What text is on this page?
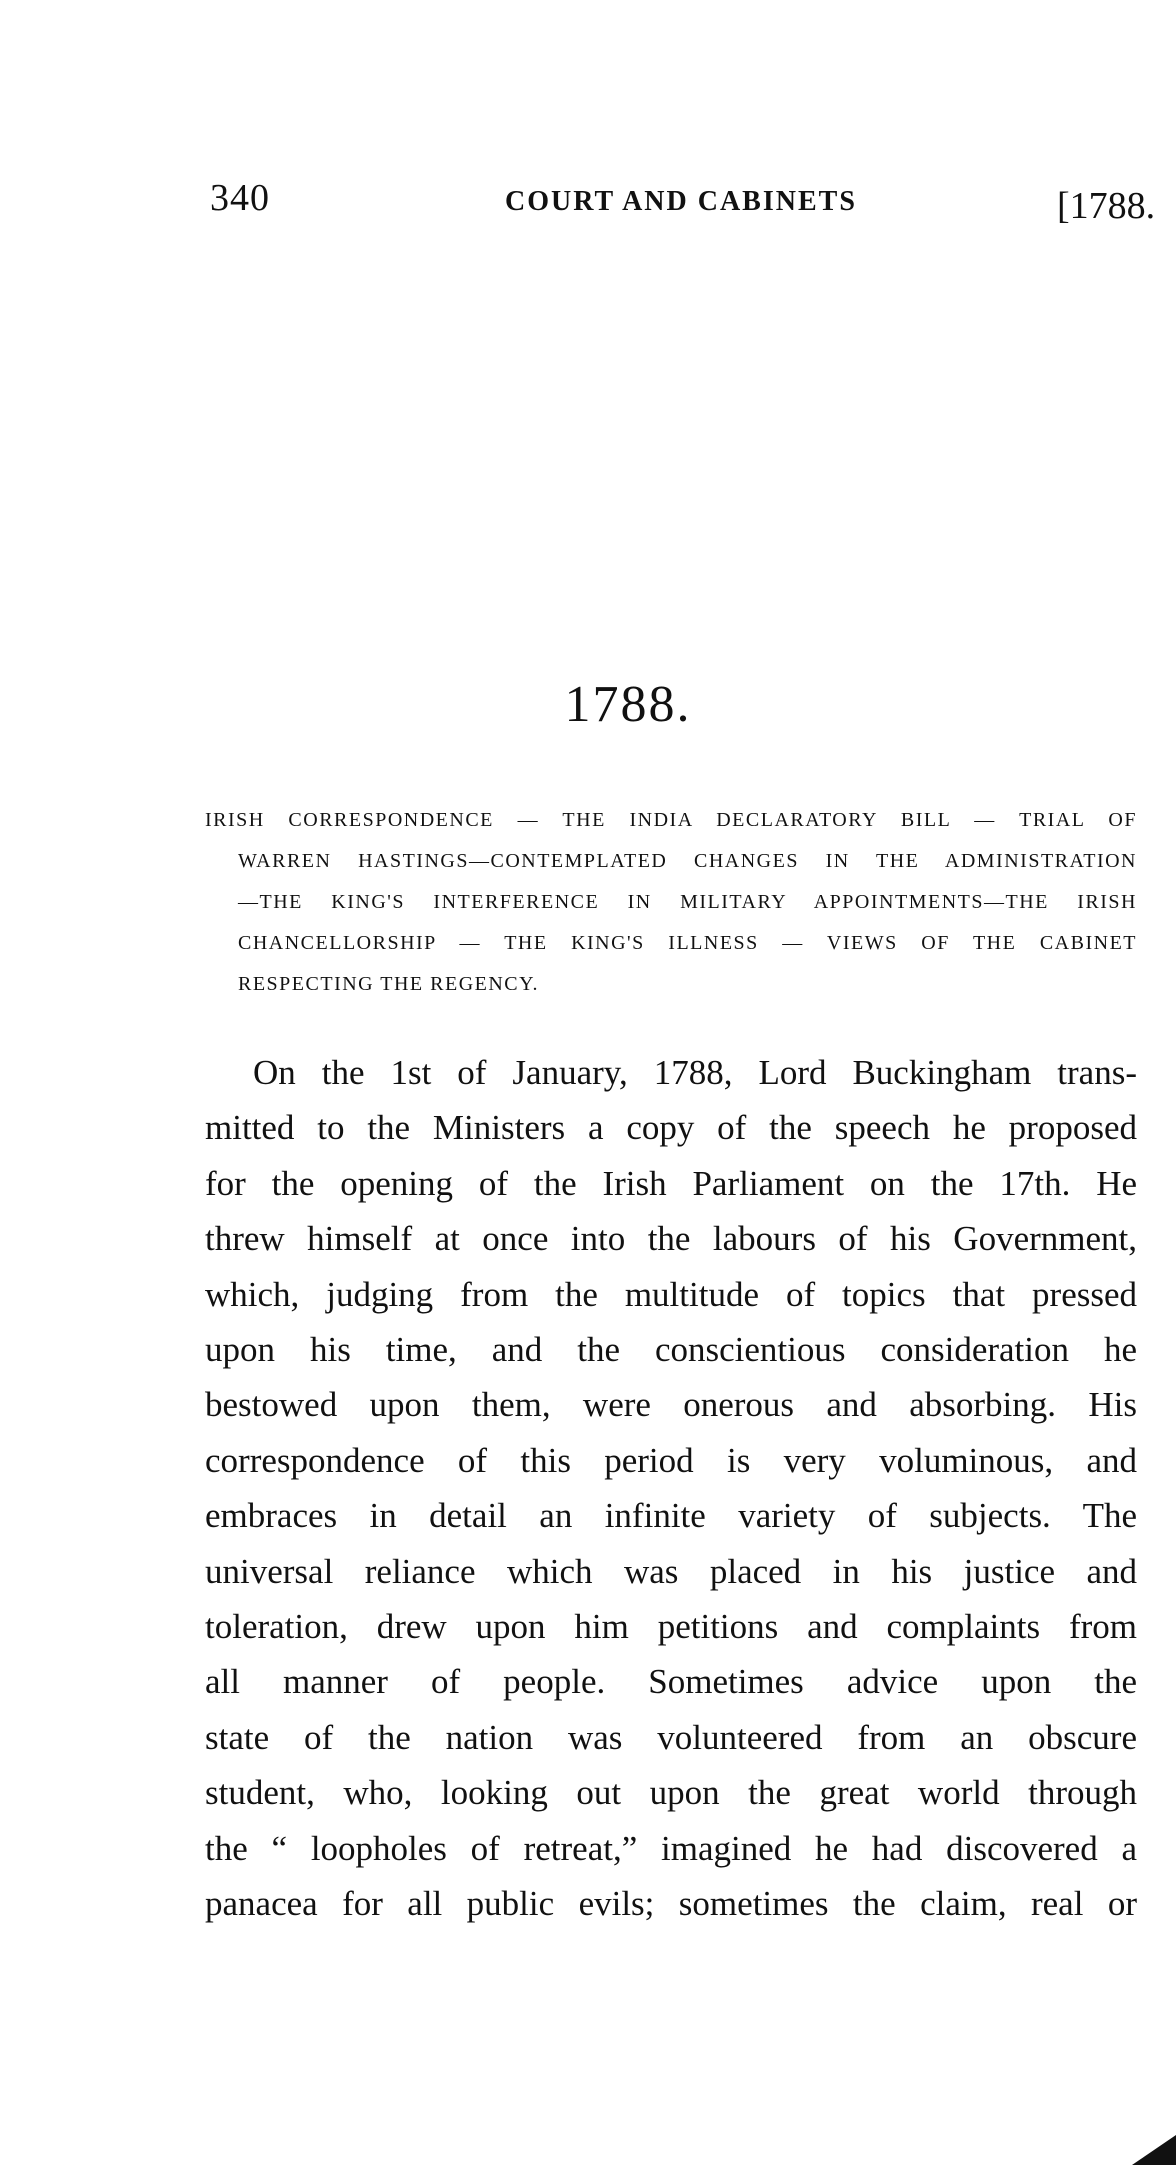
340	COURT AND CABINETS	[1788.
1788.
IRISH CORRESPONDENCE — THE INDIA DECLARATORY BILL — TRIAL OF
WARREN HASTINGS—CONTEMPLATED CHANGES IN THE ADMINISTRATION
—THE KING'S INTERFERENCE IN MILITARY APPOINTMENTS—THE IRISH
CHANCELLORSHIP — THE KING'S ILLNESS — VIEWS OF THE CABINET
RESPECTING THE REGENCY.
On the 1st of January, 1788, Lord Buckingham trans-
mitted to the Ministers a copy of the speech he proposed
for the opening of the Irish Parliament on the 17th. He
threw himself at once into the labours of his Government,
which, judging from the multitude of topics that pressed
upon his time, and the conscientious consideration he
bestowed upon them, were onerous and absorbing. His
correspondence of this period is very voluminous, and
embraces in detail an infinite variety of subjects. The
universal reliance which was placed in his justice and
toleration, drew upon him petitions and complaints from
all manner of people. Sometimes advice upon the
state of the nation was volunteered from an obscure
student, who, looking out upon the great world through
the “ loopholes of retreat,” imagined he had discovered a
panacea for all public evils; sometimes the claim, real or
